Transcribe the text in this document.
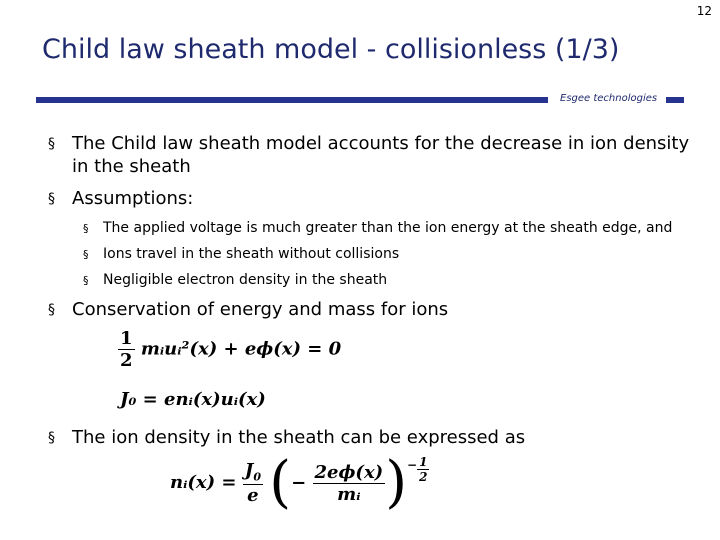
12
Child law sheath model - collisionless (1/3)
Esgee technologies
§ The Child law sheath model accounts for the decrease in ion density
in the sheath
§ Assumptions:
§ The applied voltage is much greater than the ion energy at the sheath edge, and
§ Ions travel in the sheath without collisions
§ Negligible electron density in the sheath
§ Conservation of energy and mass for ions
$\frac{1}{2}$ mᵢuᵢ²(x) + eϕ(x) = 0
J₀ = enᵢ(x)uᵢ(x)
§ The ion density in the sheath can be expressed as
nᵢ(x) = $\frac{J_0}{e}$ (− $\frac{2e\phi(x)}{\text{mᵢ}}$ )− $\frac{1}{2}$
